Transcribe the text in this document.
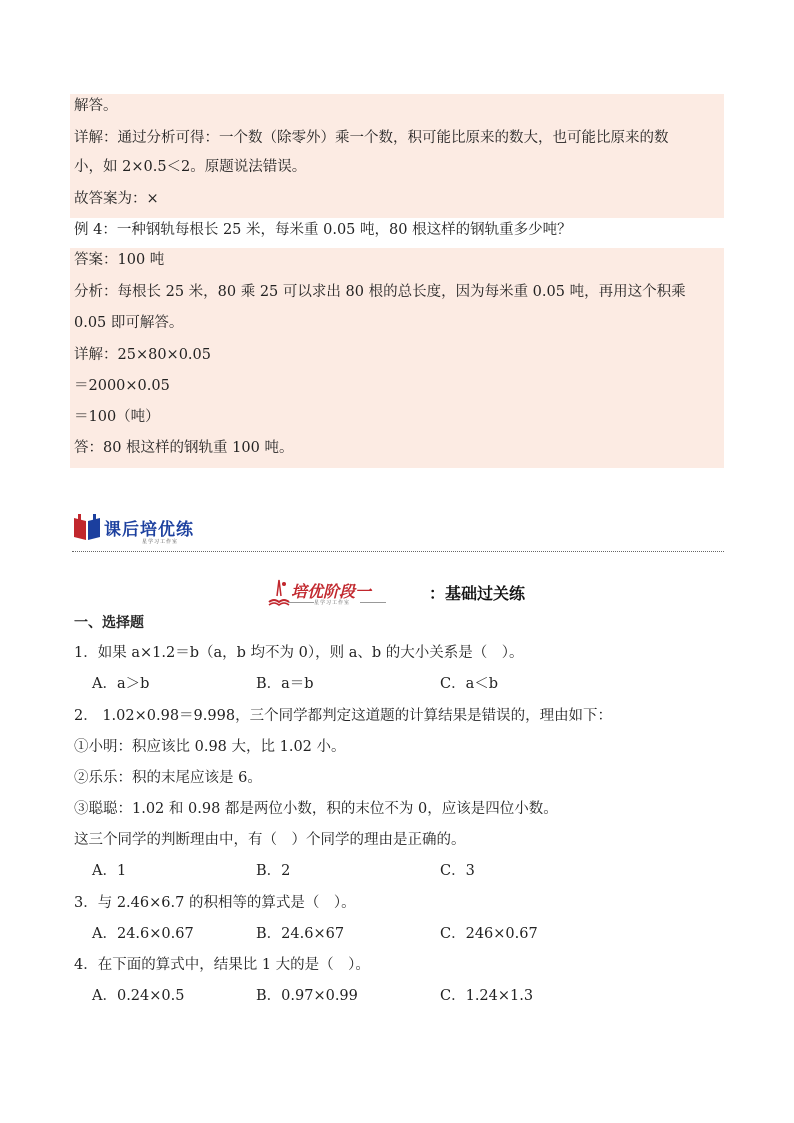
解答。
详解：通过分析可得：一个数（除零外）乘一个数，积可能比原来的数大，也可能比原来的数
小，如 2×0.5＜2。原题说法错误。
故答案为：×
例 4：一种钢轨每根长 25 米，每米重 0.05 吨，80 根这样的钢轨重多少吨？
答案：100 吨
分析：每根长 25 米，80 乘 25 可以求出 80 根的总长度，因为每米重 0.05 吨，再用这个积乘
0.05 即可解答。
详解：25×80×0.05
＝2000×0.05
＝100（吨）
答：80 根这样的钢轨重 100 吨。
课后培优练
星学习工作室
培优阶段一	：基础过关练
星学习工作室
一、选择题
1．如果 a×1.2＝b（a，b 均不为 0），则 a、b 的大小关系是（　）。
A．a＞b	B．a＝b	C．a＜b
2． 1.02×0.98＝9.998，三个同学都判定这道题的计算结果是错误的，理由如下：
①小明：积应该比 0.98 大，比 1.02 小。
②乐乐：积的末尾应该是 6。
③聪聪：1.02 和 0.98 都是两位小数，积的末位不为 0，应该是四位小数。
这三个同学的判断理由中，有（　）个同学的理由是正确的。
A．1	B．2	C．3
3．与 2.46×6.7 的积相等的算式是（　）。
A．24.6×0.67	B．24.6×67	C．246×0.67
4．在下面的算式中，结果比 1 大的是（　）。
A．0.24×0.5	B．0.97×0.99	C．1.24×1.3
